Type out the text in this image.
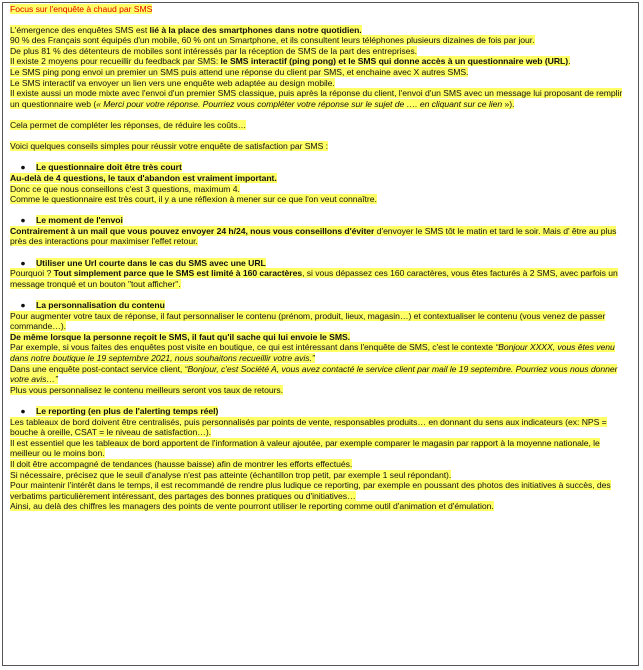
Focus sur l'enquête à chaud par SMS

L'émergence des enquêtes SMS est lié à la place des smartphones dans notre quotidien.

90 % des Français sont équipés d'un mobile, 60 % ont un Smartphone, et ils consultent leurs téléphones plusieurs dizaines de fois par jour.

De plus 81 % des détenteurs de mobiles sont intéressés par la réception de SMS de la part des entreprises.

Il existe 2 moyens pour recueillir du feedback par SMS: le SMS interactif (ping pong) et le SMS qui donne accès à un questionnaire web (URL).

Le SMS ping pong envoi un premier un SMS puis attend une réponse du client par SMS, et enchaine avec X autres SMS.

Le SMS interactif va envoyer un lien vers une enquête web adaptée au design mobile.

Il existe aussi un mode mixte avec l'envoi d'un premier SMS classique, puis après la réponse du client, l'envoi d'un SMS avec un message lui proposant de remplir un questionnaire web (« Merci pour votre réponse. Pourriez vous compléter votre réponse sur le sujet de …. en cliquant sur ce lien »).

Cela permet de compléter les réponses, de réduire les coûts…

Voici quelques conseils simples pour réussir votre enquête de satisfaction par SMS :

● Le questionnaire doit être très court

Au-delà de 4 questions, le taux d'abandon est vraiment important.

Donc ce que nous conseillons c'est 3 questions, maximum 4.

Comme le questionnaire est très court, il y a une réflexion à mener sur ce que l'on veut connaître.

● Le moment de l'envoi

Contrairement à un mail que vous pouvez envoyer 24 h/24, nous vous conseillons d'éviter d'envoyer le SMS tôt le matin et tard le soir. Mais d' être au plus près des interactions pour maximiser l'effet retour.

● Utiliser une Url courte dans le cas du SMS avec une URL

Pourquoi ? Tout simplement parce que le SMS est limité à 160 caractères, si vous dépassez ces 160 caractères, vous êtes facturés à 2 SMS, avec parfois un message tronqué et un bouton "tout afficher".

● La personnalisation du contenu

Pour augmenter votre taux de réponse, il faut personnaliser le contenu (prénom, produit, lieux, magasin…) et contextualiser le contenu (vous venez de passer commande…).

De même lorsque la personne reçoit le SMS, il faut qu'il sache qui lui envoie le SMS.

Par exemple, si vous faites des enquêtes post visite en boutique, ce qui est intéressant dans l'enquête de SMS, c'est le contexte “Bonjour XXXX, vous êtes venu dans notre boutique le 19 septembre 2021, nous souhaitons recueillir votre avis.”

Dans une enquête post-contact service client, “Bonjour, c'est Société A, vous avez contacté le service client par mail le 19 septembre. Pourriez vous nous donner votre avis…”

Plus vous personnalisez le contenu meilleurs seront vos taux de retours.

● Le reporting (en plus de l'alerting temps réel)

Les tableaux de bord doivent être centralisés, puis personnalisés par points de vente, responsables produits… en donnant du sens aux indicateurs (ex: NPS = bouche à oreille, CSAT = le niveau de satisfaction…).

Il est essentiel que les tableaux de bord apportent de l'information à valeur ajoutée, par exemple comparer le magasin par rapport à la moyenne nationale, le meilleur ou le moins bon.

Il doit être accompagné de tendances (hausse baisse) afin de montrer les efforts effectués.

Si nécessaire, précisez que le seuil d'analyse n'est pas atteinte (échantillon trop petit, par exemple 1 seul répondant).

Pour maintenir l'intérêt dans le temps, il est recommandé de rendre plus ludique ce reporting, par exemple en poussant des photos des initiatives à succès, des verbatims particulièrement intéressant, des partages des bonnes pratiques ou d'initiatives…

Ainsi, au delà des chiffres les managers des points de vente pourront utiliser le reporting comme outil d'animation et d'émulation.
